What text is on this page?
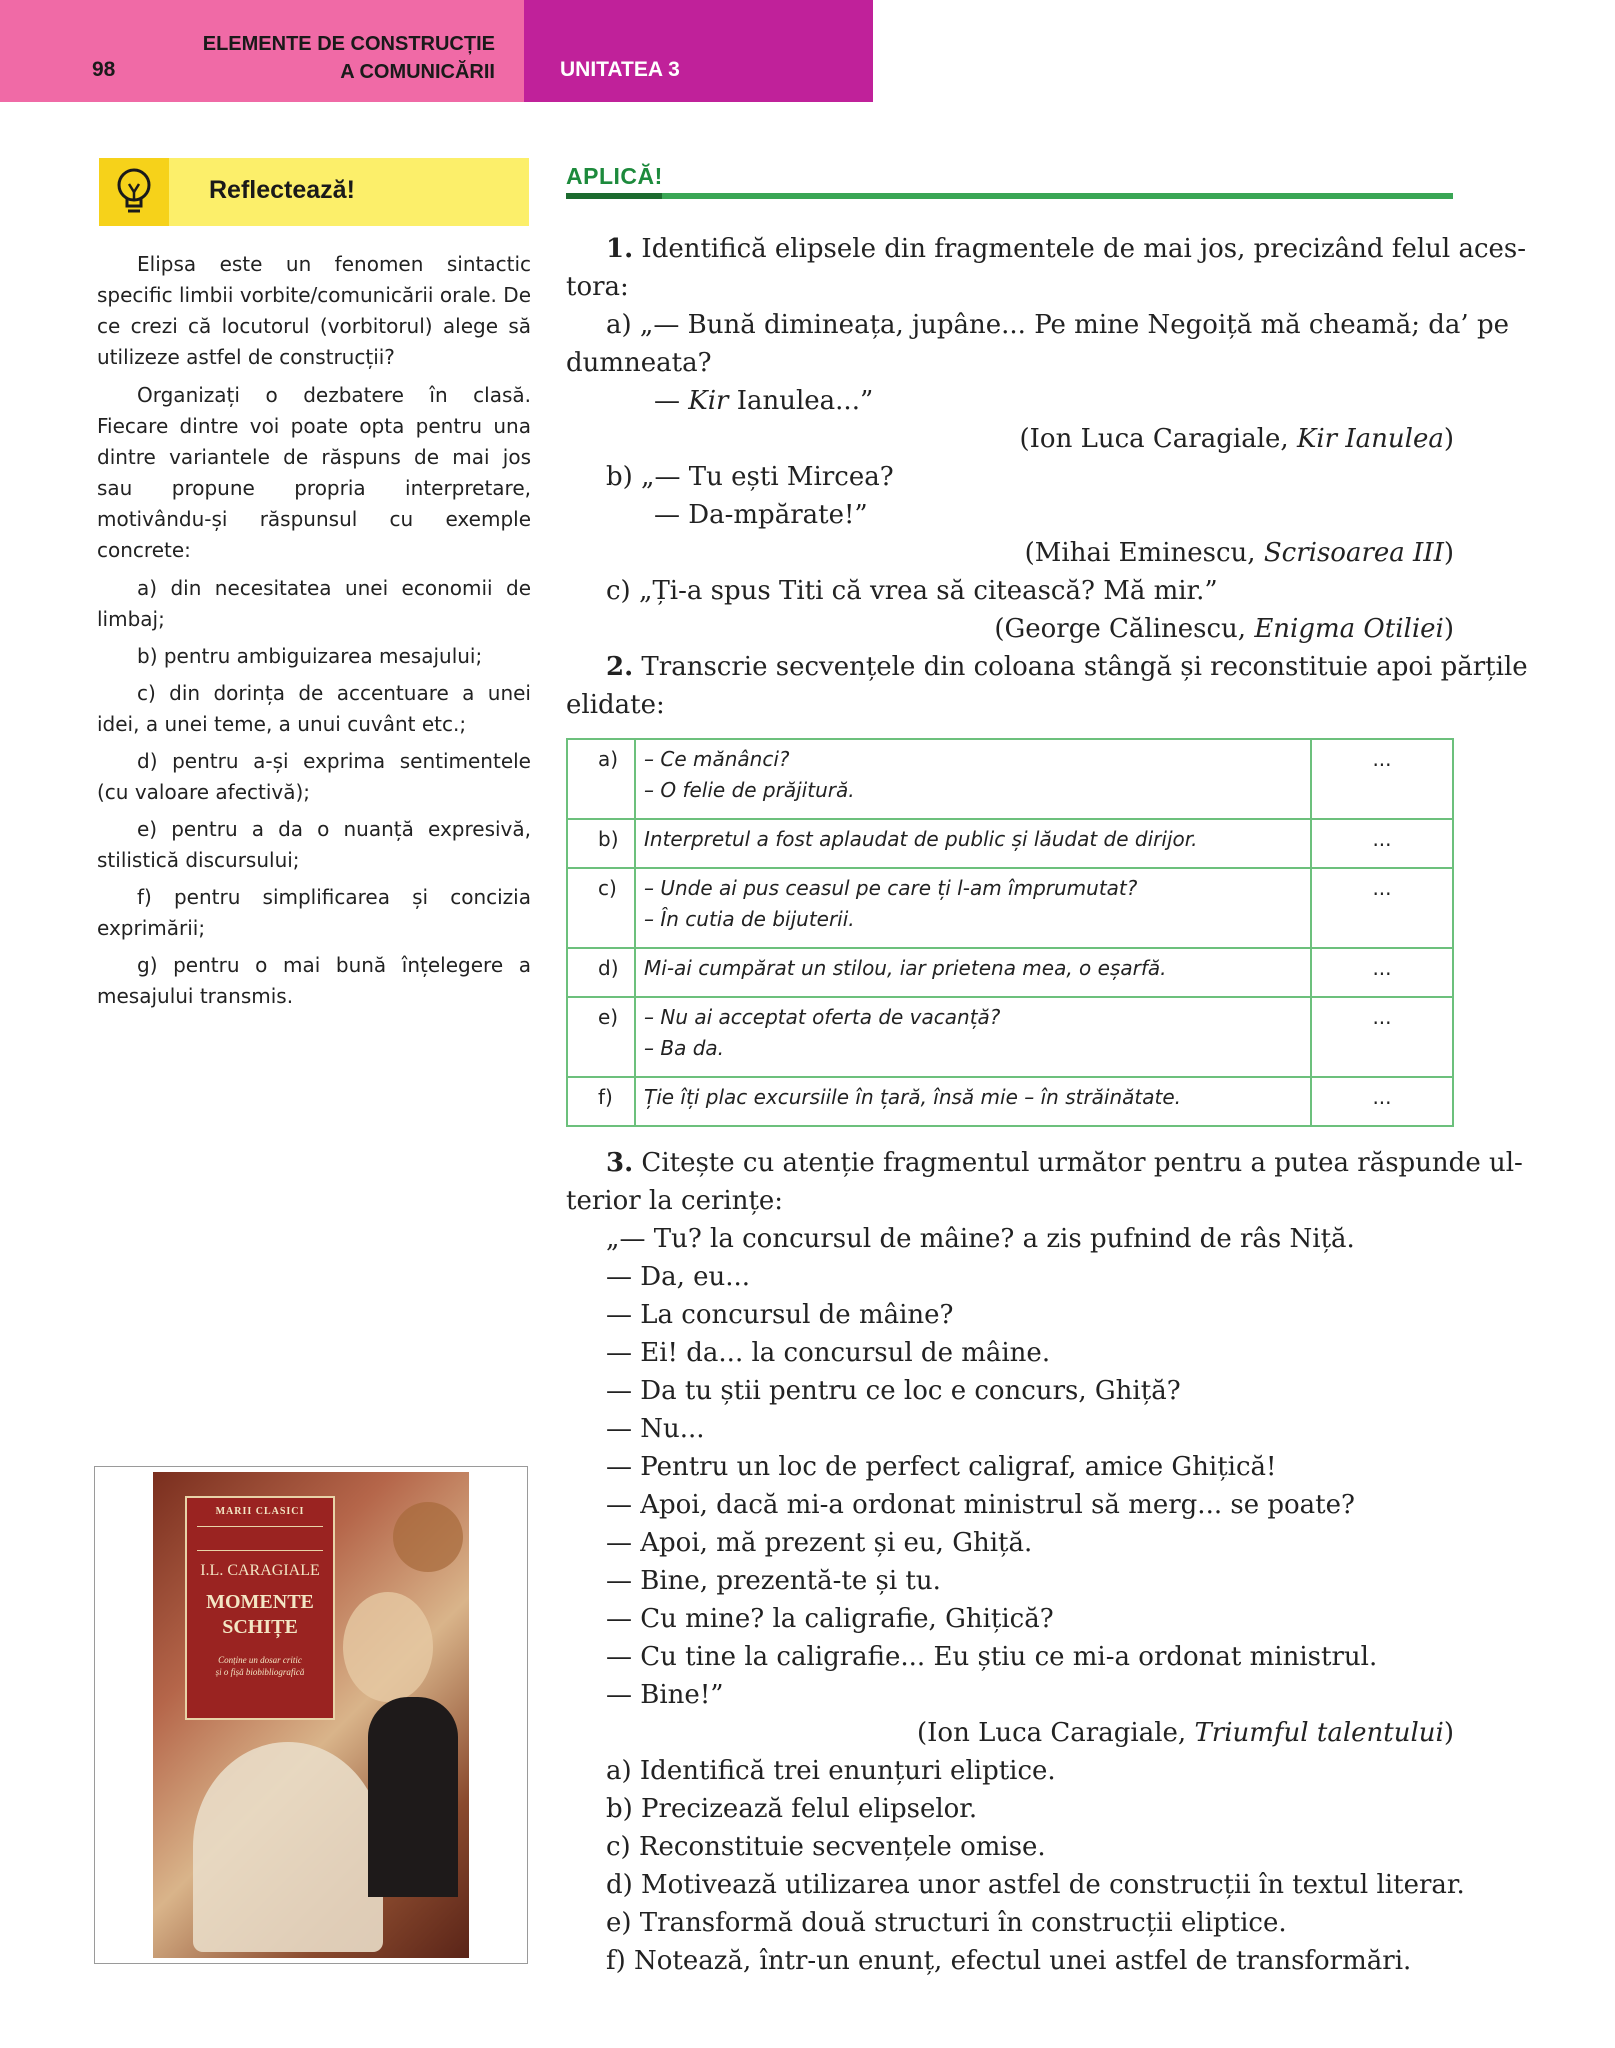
98
ELEMENTE DE CONSTRUCȚIE
A COMUNICĂRII	UNITATEA 3
Reflectează!

Elipsa este un fenomen sintactic specific limbii vorbite/comunicării orale. De ce crezi că locutorul (vorbitorul) alege să utilizeze astfel de construcții?

Organizați o dezbatere în clasă. Fiecare dintre voi poate opta pentru una dintre variantele de răspuns de mai jos sau propune propria interpretare, motivându-și răspunsul cu exemple concrete:

a) din necesitatea unei economii de limbaj;

b) pentru ambiguizarea mesajului;

c) din dorința de accentuare a unei idei, a unei teme, a unui cuvânt etc.;

d) pentru a-și exprima sentimentele (cu valoare afectivă);

e) pentru a da o nuanță expresivă, stilistică discursului;

f) pentru simplificarea și concizia exprimării;

g) pentru o mai bună înțelegere a mesajului transmis.

MARII CLASICI
I.L. CARAGIALE
MOMENTE
SCHIȚE
Conține un dosar critic
și o fișă biobibliografică
APLICĂ!
1. Identifică elipsele din fragmentele de mai jos, precizând felul aces-
tora:
a) „— Bună dimineața, jupâne... Pe mine Negoiță mă cheamă; da’ pe
dumneata?
— Kir Ianulea...”
(Ion Luca Caragiale, Kir Ianulea)
b) „— Tu ești Mircea?
— Da-mpărate!”
(Mihai Eminescu, Scrisoarea III)
c) „Ți-a spus Titi că vrea să citească? Mă mir.”
(George Călinescu, Enigma Otiliei)
2. Transcrie secvențele din coloana stângă și reconstituie apoi părțile
elidate:
a)	– Ce mănânci?
– O felie de prăjitură.	...
b)	Interpretul a fost aplaudat de public și lăudat de dirijor.	...
c)	– Unde ai pus ceasul pe care ți l-am împrumutat?
– În cutia de bijuterii.	...
d)	Mi-ai cumpărat un stilou, iar prietena mea, o eșarfă.	...
e)	– Nu ai acceptat oferta de vacanță?
– Ba da.	...
f)	Ție îți plac excursiile în țară, însă mie – în străinătate.	...
3. Citește cu atenție fragmentul următor pentru a putea răspunde ul-
terior la cerințe:
„— Tu? la concursul de mâine? a zis pufnind de râs Niță.
— Da, eu...
— La concursul de mâine?
— Ei! da... la concursul de mâine.
— Da tu știi pentru ce loc e concurs, Ghiță?
— Nu...
— Pentru un loc de perfect caligraf, amice Ghițică!
— Apoi, dacă mi-a ordonat ministrul să merg... se poate?
— Apoi, mă prezent și eu, Ghiță.
— Bine, prezentă-te și tu.
— Cu mine? la caligrafie, Ghițică?
— Cu tine la caligrafie... Eu știu ce mi-a ordonat ministrul.
— Bine!”
(Ion Luca Caragiale, Triumful talentului)
a) Identifică trei enunțuri eliptice.
b) Precizează felul elipselor.
c) Reconstituie secvențele omise.
d) Motivează utilizarea unor astfel de construcții în textul literar.
e) Transformă două structuri în construcții eliptice.
f) Notează, într-un enunț, efectul unei astfel de transformări.
